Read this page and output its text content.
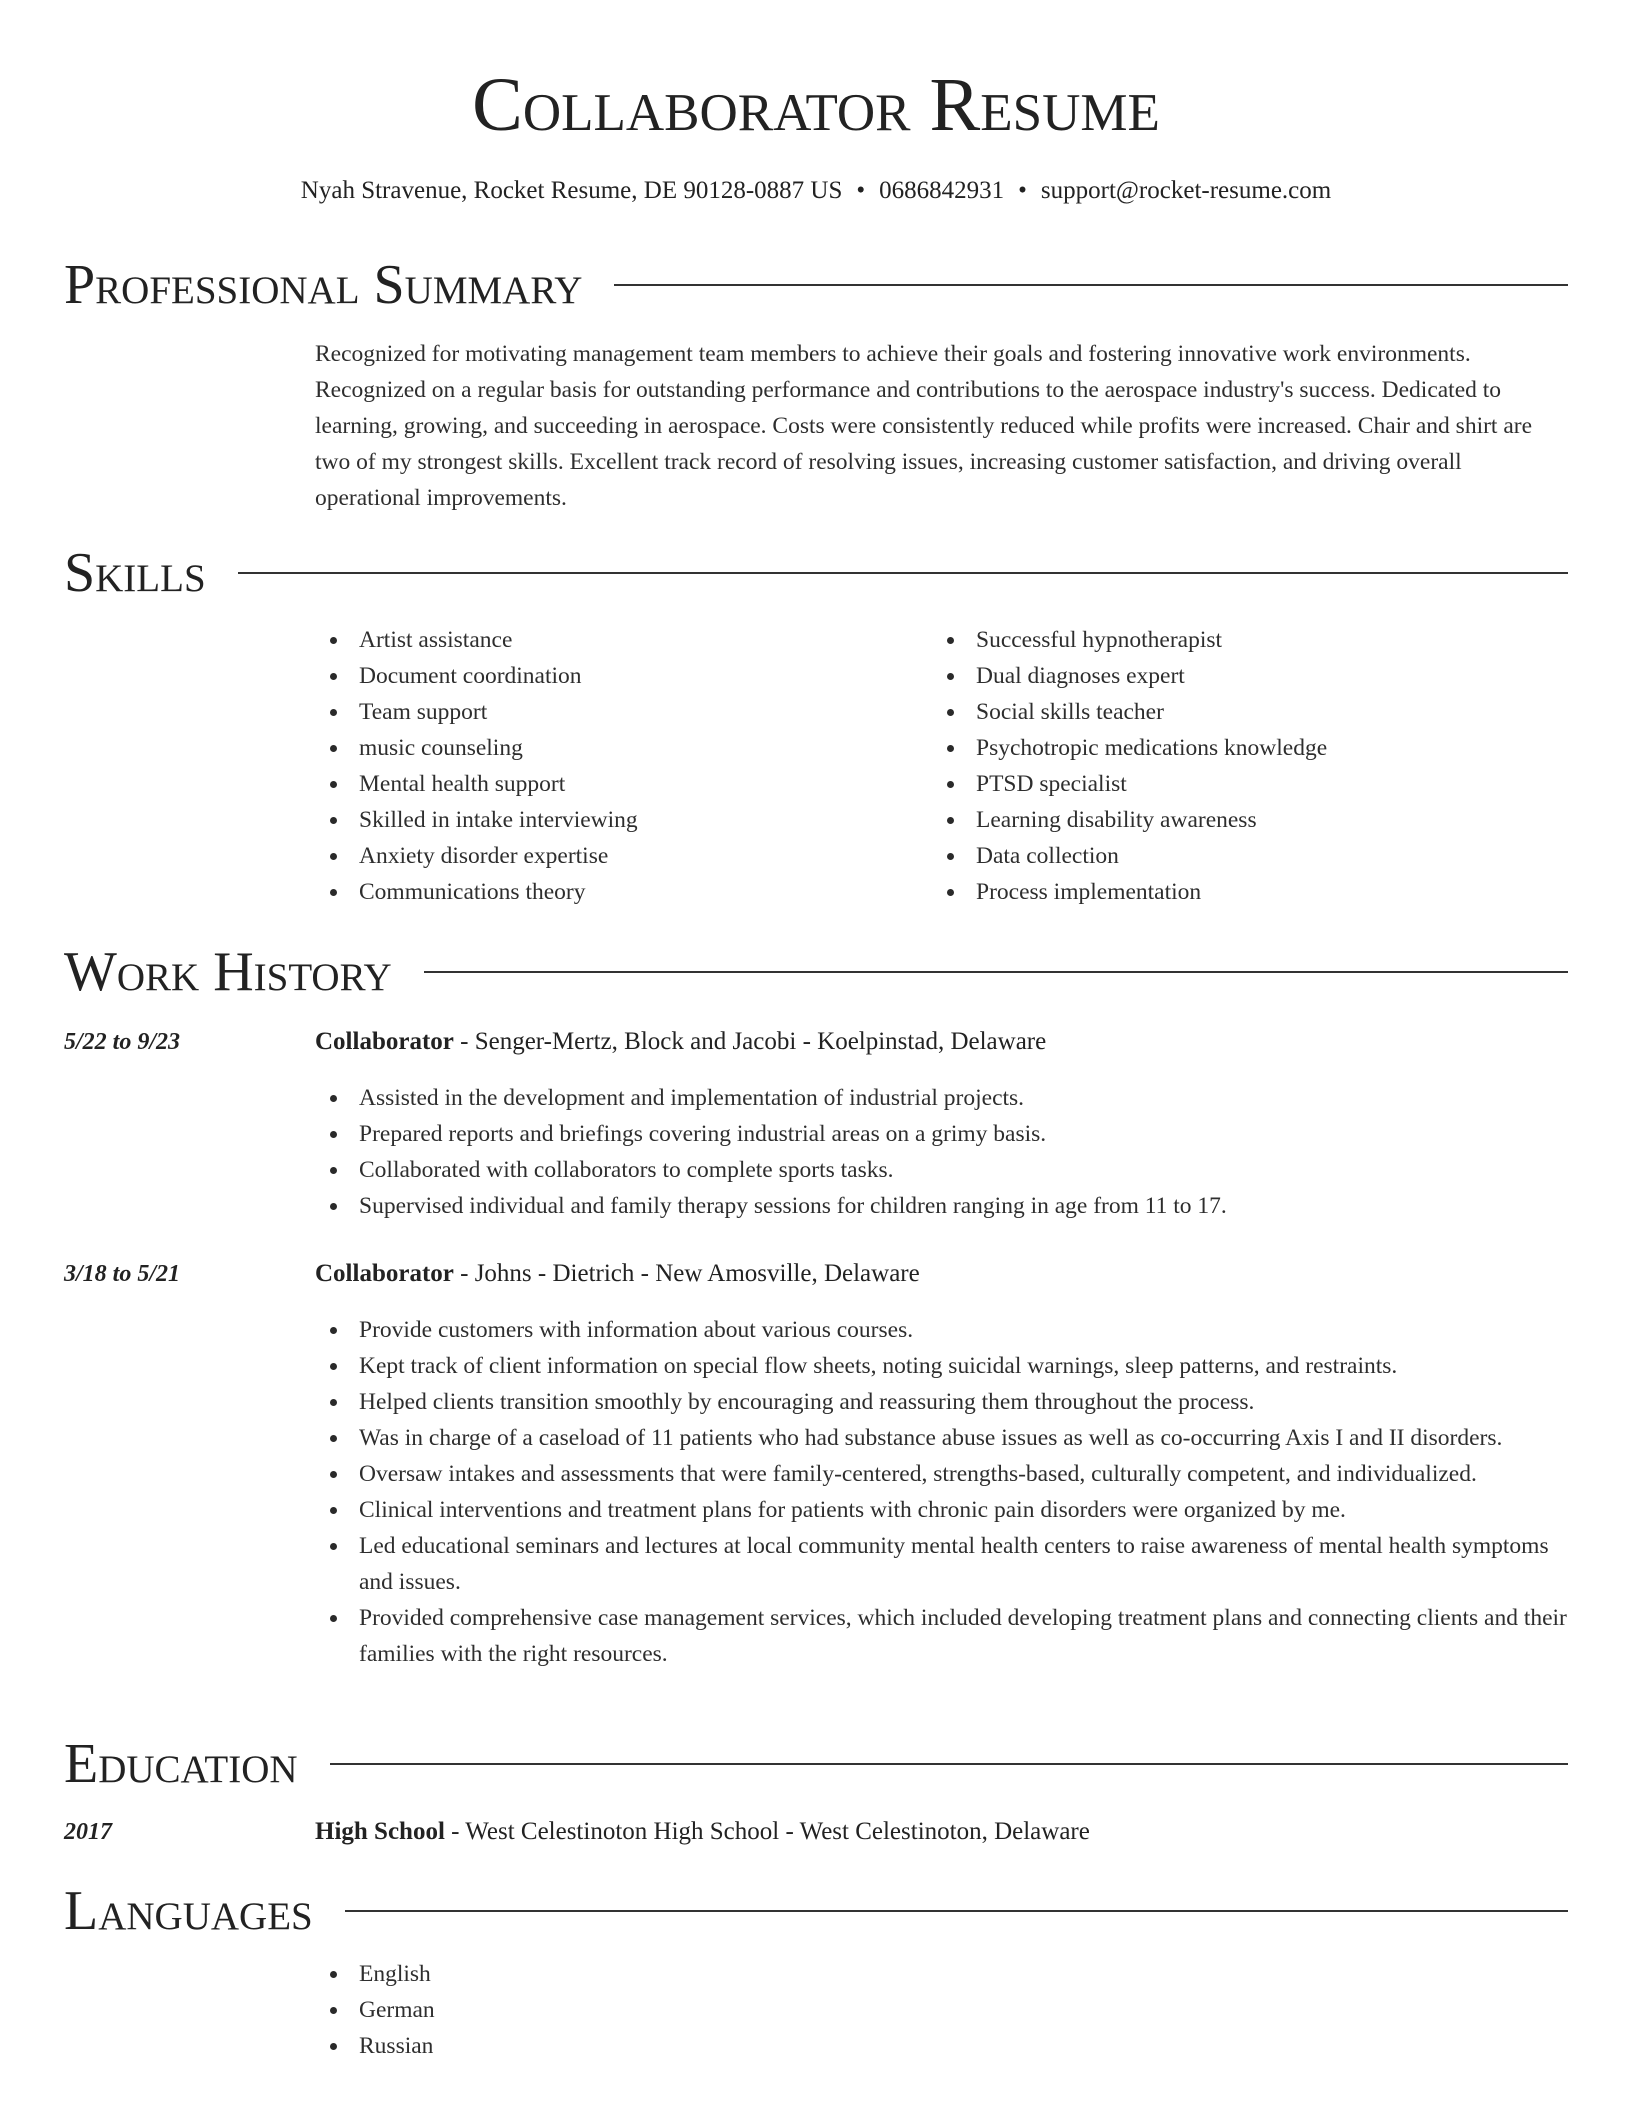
Collaborator Resume
Nyah Stravenue, Rocket Resume, DE 90128-0887 US • 0686842931 • support@rocket-resume.com
Professional Summary

Recognized for motivating management team members to achieve their goals and fostering innovative work environments. Recognized on a regular basis for outstanding performance and contributions to the aerospace industry's success. Dedicated to learning, growing, and succeeding in aerospace. Costs were consistently reduced while profits were increased. Chair and shirt are two of my strongest skills. Excellent track record of resolving issues, increasing customer satisfaction, and driving overall operational improvements.

Skills
Artist assistance
Document coordination
Team support
music counseling
Mental health support
Skilled in intake interviewing
Anxiety disorder expertise
Communications theory
Successful hypnotherapist
Dual diagnoses expert
Social skills teacher
Psychotropic medications knowledge
PTSD specialist
Learning disability awareness
Data collection
Process implementation
Work History
5/22 to 9/23	Collaborator - Senger-Mertz, Block and Jacobi - Koelpinstad, Delaware
Assisted in the development and implementation of industrial projects.
Prepared reports and briefings covering industrial areas on a grimy basis.
Collaborated with collaborators to complete sports tasks.
Supervised individual and family therapy sessions for children ranging in age from 11 to 17.
3/18 to 5/21	Collaborator - Johns - Dietrich - New Amosville, Delaware
Provide customers with information about various courses.
Kept track of client information on special flow sheets, noting suicidal warnings, sleep patterns, and restraints.
Helped clients transition smoothly by encouraging and reassuring them throughout the process.
Was in charge of a caseload of 11 patients who had substance abuse issues as well as co-occurring Axis I and II disorders.
Oversaw intakes and assessments that were family-centered, strengths-based, culturally competent, and individualized.
Clinical interventions and treatment plans for patients with chronic pain disorders were organized by me.
Led educational seminars and lectures at local community mental health centers to raise awareness of mental health symptoms and issues.
Provided comprehensive case management services, which included developing treatment plans and connecting clients and their families with the right resources.
Education
2017	High School - West Celestinoton High School - West Celestinoton, Delaware
Languages
English
German
Russian
